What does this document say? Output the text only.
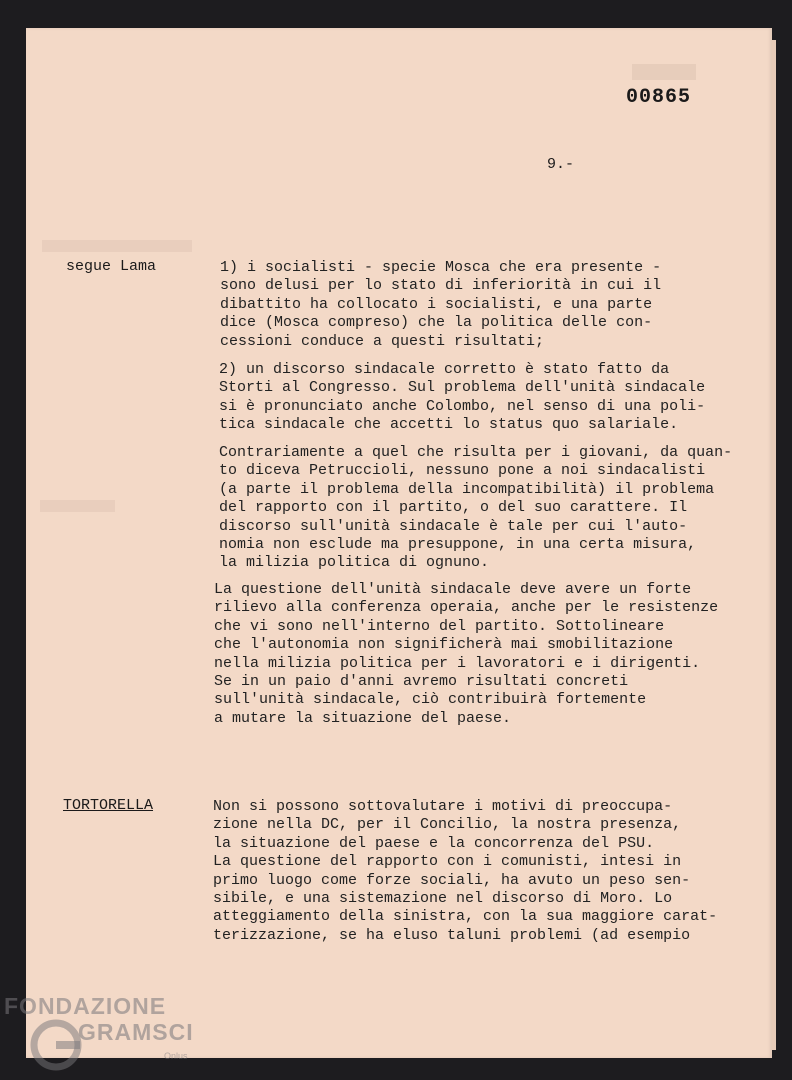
00865
9.-
segue Lama	1) i socialisti - specie Mosca che era presente -
sono delusi per lo stato di inferiorità in cui il
dibattito ha collocato i socialisti, e una parte
dice (Mosca compreso) che la politica delle con-
cessioni conduce a questi risultati;
2) un discorso sindacale corretto è stato fatto da
Storti al Congresso. Sul problema dell'unità sindacale
si è pronunciato anche Colombo, nel senso di una poli-
tica sindacale che accetti lo status quo salariale.
Contrariamente a quel che risulta per i giovani, da quan-
to diceva Petruccioli, nessuno pone a noi sindacalisti
(a parte il problema della incompatibilità) il problema
del rapporto con il partito, o del suo carattere. Il
discorso sull'unità sindacale è tale per cui l'auto-
nomia non esclude ma presuppone, in una certa misura,
la milizia politica di ognuno.
La questione dell'unità sindacale deve avere un forte
rilievo alla conferenza operaia, anche per le resistenze
che vi sono nell'interno del partito. Sottolineare
che l'autonomia non significherà mai smobilitazione
nella milizia politica per i lavoratori e i dirigenti.
Se in un paio d'anni avremo risultati concreti
sull'unità sindacale, ciò contribuirà fortemente
a mutare la situazione del paese.
TORTORELLA	Non si possono sottovalutare i motivi di preoccupa-
zione nella DC, per il Concilio, la nostra presenza,
la situazione del paese e la concorrenza del PSU.
La questione del rapporto con i comunisti, intesi in
primo luogo come forze sociali, ha avuto un peso sen-
sibile, e una sistemazione nel discorso di Moro. Lo
atteggiamento della sinistra, con la sua maggiore carat-
terizzazione, se ha eluso taluni problemi (ad esempio
FONDAZIONE
GRAMSCI
Onlus
